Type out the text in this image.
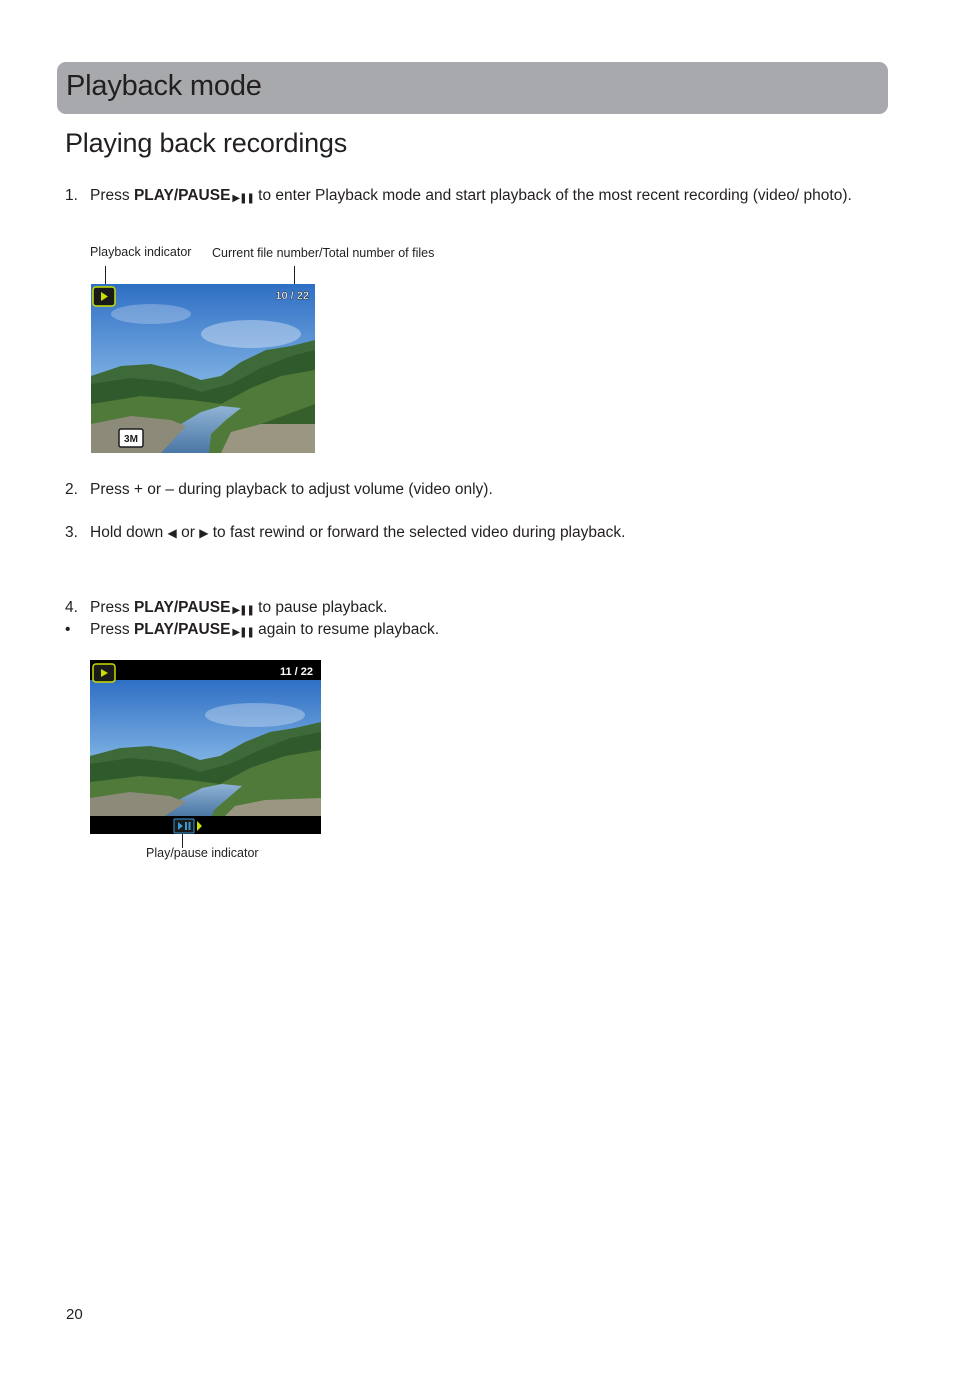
Playback mode
Playing back recordings
1. Press PLAY/PAUSE ▶❚❚ to enter Playback mode and start playback of the most recent recording (video/ photo).
Playback indicator Current file number/Total number of files
3M
10 / 22
2. Press + or – during playback to adjust volume (video only).
3. Hold down ◀ or ▶ to fast rewind or forward the selected video during playback.
4. Press PLAY/PAUSE ▶❚❚ to pause playback.
•	Press PLAY/PAUSE ▶❚❚ again to resume playback.
11 / 22
Play/pause indicator
20
